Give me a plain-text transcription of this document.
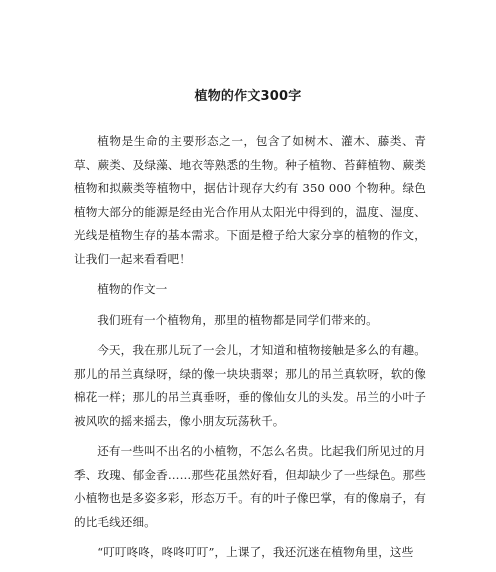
植物的作文300字

植物是生命的主要形态之一，包含了如树木、灌木、藤类、青草、蕨类、及绿藻、地衣等熟悉的生物。种子植物、苔藓植物、蕨类植物和拟蕨类等植物中，据估计现存大约有 350 000 个物种。绿色植物大部分的能源是经由光合作用从太阳光中得到的，温度、湿度、光线是植物生存的基本需求。下面是橙子给大家分享的植物的作文，让我们一起来看看吧！

植物的作文一

我们班有一个植物角，那里的植物都是同学们带来的。

今天，我在那儿玩了一会儿，才知道和植物接触是多么的有趣。那儿的吊兰真绿呀，绿的像一块块翡翠；那儿的吊兰真软呀，软的像棉花一样；那儿的吊兰真垂呀，垂的像仙女儿的头发。吊兰的小叶子被风吹的摇来摇去，像小朋友玩荡秋千。

还有一些叫不出名的小植物，不怎么名贵。比起我们所见过的月季、玫瑰、郁金香……那些花虽然好看，但却缺少了一些绿色。那些小植物也是多姿多彩，形态万千。有的叶子像巴掌，有的像扇子，有的比毛线还细。

“叮叮咚咚，咚咚叮叮”，上课了，我还沉迷在植物角里，这些
